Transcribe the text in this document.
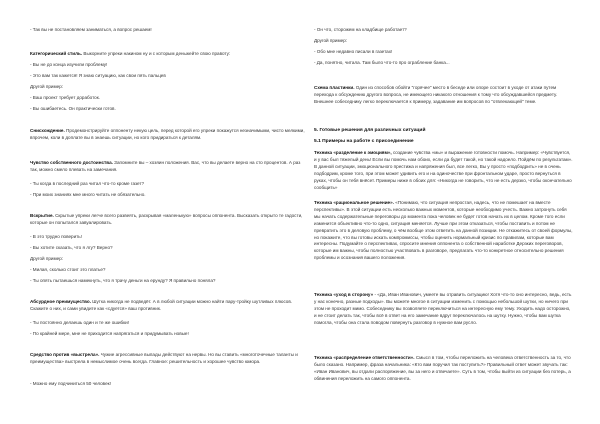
- Так вы не постановляем заниматься, а вопрос решаем!

Категорический стиль. Выкорните упреки накином ну и с которым деньжейте свою правоту:

- Вы не до конца изучили проблему!

- Это вам так кажется! Я знаю ситуацию, как свои пять пальцев

Другой пример:

- Ваш проект требует доработок.

- Вы ошибаетесь. Он практически готов.

Снисхождение. Продемонстрируйте оппоненту некую цель, перед которой его упреки покажутся незначимыми, чисто мелкими, впрочем, коли в доплате вы в знаешь ситуации, но кого придираться к деталям.

Чувство собственного достоинства. Запомните вы – хозяин положения. Вас, что вы делаете верно на сто процентов. А раз так, можно смело плевать на замечания.

- Ты когда в последний раз читал что-то кроме газет?

- При моих знаниях мне много читать не обязательно.

Вскрытие. Скрытые упреки легче всего развеять, раскрывая «маленькую» вопросы оппонента. Высказать открыто те гадости, которые он попытался завуалировать.

- В это трудно поверить!

- Вы хотите сказать, что я лгу? Верно?

Другой пример:

- Милая, сколько стоит это платье?

- Ты опять пытаешься намекнуть, что я трачу деньги на ерунду? Я правильно поняла?

Абсурдное преимущество. Шутка никогда не подведёт. А в любой ситуации можно найти пару-тройку шутливых плюсов. Скажите о них, и сами увидите как «сдуется» ваш противник.

- Ты постоянно делаешь один и те же ошибки!

- По крайней мере, мне не приходится напрягаться и придумывать новые!

Средство против «выстрела». Чужие агрессивные выпады действуют на нервы. Но вы ставить «многоточечные таланты и преимущества» выстрела в немыслимое очень всегда. Главное: решительность и хорошее чувство юмора.

- Можно ему подчиниться 50 человек!

- Он что, сторожем на кладбище работает?

Другой пример:

- Обо мне недавно писали в газетах!

- Да, понятно, читала. Там было что-то про ограбление банка...

Схема пластинки. Один из способов обойти "горячее" место в беседе или опоре состоит в уходе от атаки путем перехода к обсуждению другого вопроса, не имеющего никакого отношения к тому что обсуждавшейся предмету. Внешнее собеседнику легко переключается к примеру, задавание им вопросов по "отвлекающей" теме.

5. Готовые решения для различных ситуаций

5.1 Примеры на работе с присоединение

Техника «разделение к эмоциям», создание чувства «мы» и выражение готовности помочь. Например: «Чувствуется, и у вас был тяжелый день! Если вы помочь нам обоих, если да будет такой, но такой надоело. Пойдём по результатам». В данной ситуации, эмоционального престижа и напряжения был, все легко, Вы у просто «подбодрить» не в очень подбодрим, кроме того, при этом может удивить его и на одиночестве при фронтальном ударе, просто вернуться в руках, чтобы он тебя внёсет. Примеры ниже в обоих для: «Никогда не говорить, что не есть дерзко, чтобы окончательно сообщить»

Техника «рациональное решение». «Понимаю, что ситуация непростая, надесь, что не помешает на вместе перспективы». В этой ситуации есть несколько важных моментов, которые необходимо учесть. Важно затронуть себя мы начать содержательные переговоры до момента пока человек не будет готов начать их в целом. Кроме того если изменится объективно что-то одно, ситуация меняется. Лучше при этом отказаться, чтобы поставить и потом не превратить это в деловую проблему, о чём вообще этом ответить на данной позиции. Не откажитесь от своей формулы, но покажите, что вы готовы искать компромиссы, чтобы оценить нормальный кризис по правилам, которые вам интересны. Подумайте о перспективах, спросите мнения оппонента о собственной наработке Дерзких переговоров, которые им важны, чтобы полностью участвовать в разговоре, предлагать что-то конкретное относительно решения проблемы и осознания вашего положения.

Техника «уход в сторону» - «Да, Иван Иванович, умеете вы отравить ситуацию! Хотя что-то оно интересно, ведь, есть у нас конечно, разные подходы». Вы можете многое в ситуации изменить с помощью небольшой шутки, но ничего при этом не проходит мимо. Собеседнику вы позволяете переключиться на интересную ему тему. Уходить надо осторожно, и не стоит делать так, чтобы всё в ответ на его замечание вдруг переключалось на шутку. Нужно, чтобы вам шутка помогла, чтобы она стала поводом повернуть разговор в нужное вам русло.

Техника «распределение ответственности». Смысл в том, чтобы переложить на человека ответственность за то, что было сказано. Например, фраза начальника: «Кто вам поручил так поступить?» Правильный ответ может звучать так: «Иван Иванович, вы отдали распоряжение, вы за него и отвечаете». Суть в том, чтобы выйти из ситуации без потерь, а обвинения переложить на самого оппонента.
